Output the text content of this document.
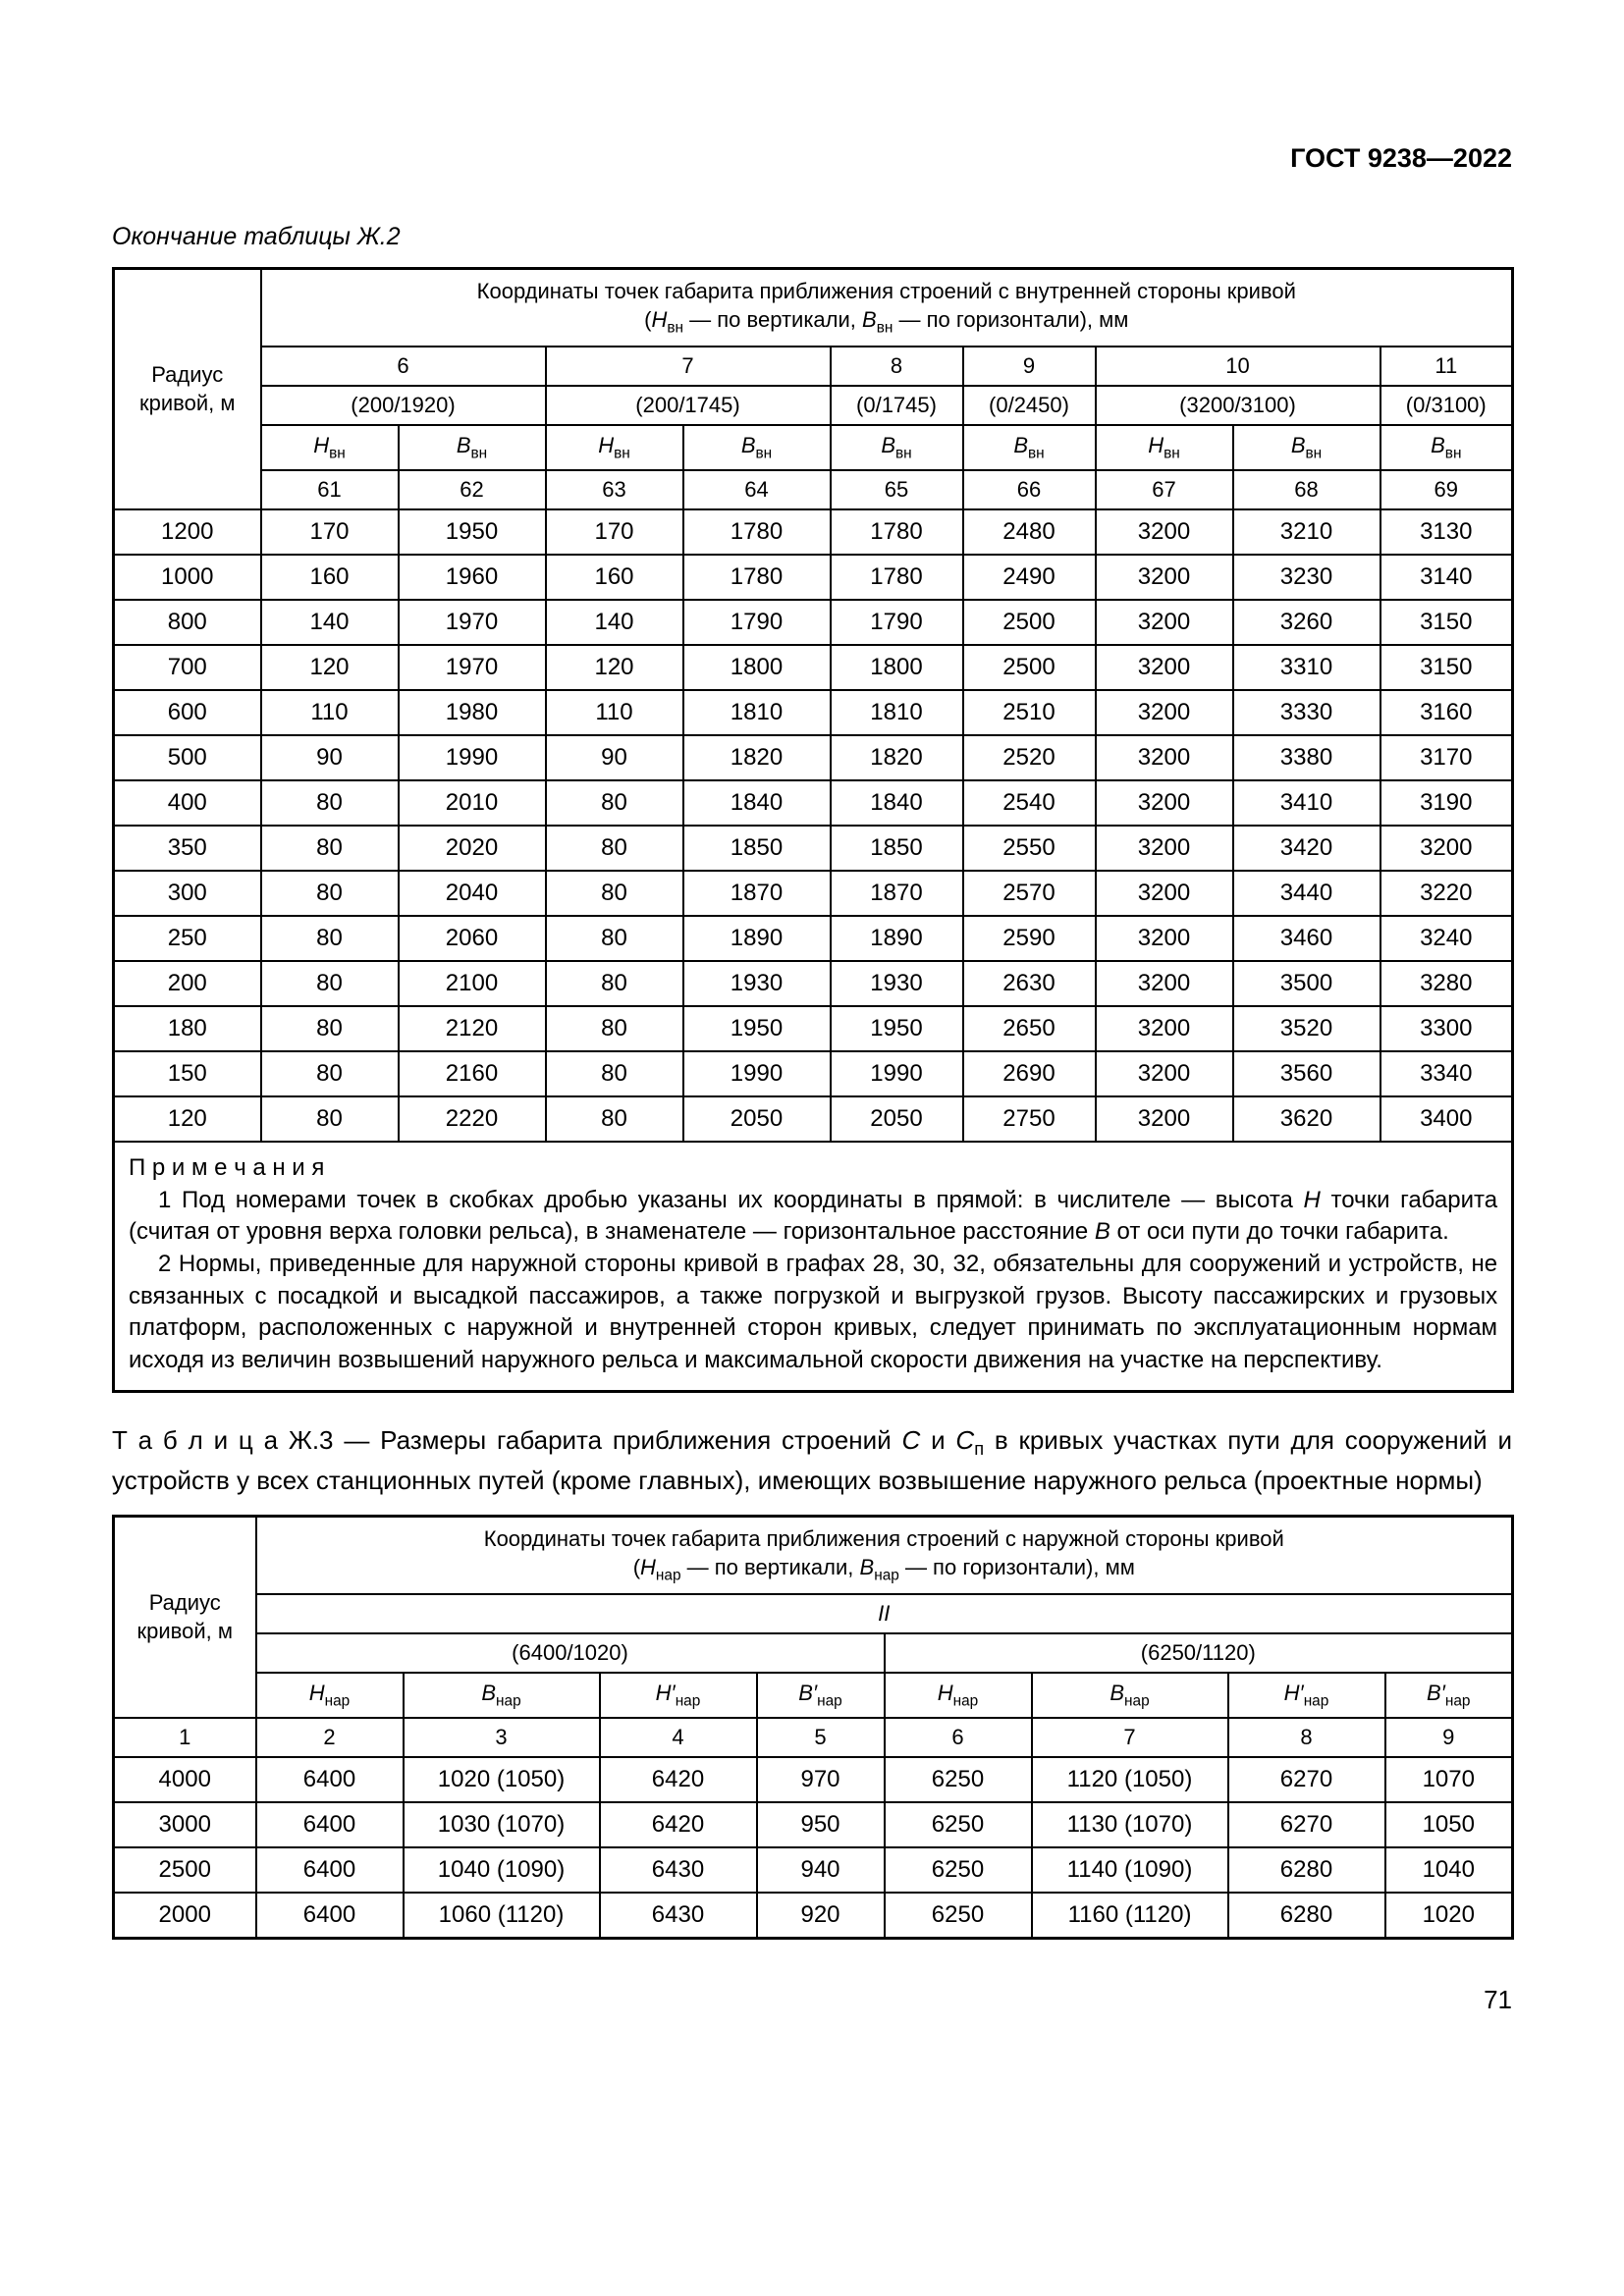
ГОСТ 9238—2022
Окончание таблицы Ж.2
Радиус кривой, м	Координаты точек габарита приближения строений с внутренней стороны кривой
($Н_{вн}$ — по вертикали, $В_{вн}$ — по горизонтали), мм								

	6		7		8	9	10		11
	(200/1920)		(200/1745)		(0/1745)	(0/2450)	(3200/3100)		(0/3100)
	$Н_{вн}$	$В_{вн}$	$Н_{вн}$	$В_{вн}$	$В_{вн}$	$В_{вн}$	$Н_{вн}$	$В_{вн}$	$В_{вн}$
	61	62	63	64	65	66	67	68	69
1200	170	1950	170	1780	1780	2480	3200	3210	3130
1000	160	1960	160	1780	1780	2490	3200	3230	3140
800	140	1970	140	1790	1790	2500	3200	3260	3150
700	120	1970	120	1800	1800	2500	3200	3310	3150
600	110	1980	110	1810	1810	2510	3200	3330	3160
500	90	1990	90	1820	1820	2520	3200	3380	3170
400	80	2010	80	1840	1840	2540	3200	3410	3190
350	80	2020	80	1850	1850	2550	3200	3420	3200
300	80	2040	80	1870	1870	2570	3200	3440	3220
250	80	2060	80	1890	1890	2590	3200	3460	3240
200	80	2100	80	1930	1930	2630	3200	3500	3280
180	80	2120	80	1950	1950	2650	3200	3520	3300
150	80	2160	80	1990	1990	2690	3200	3560	3340
120	80	2220	80	2050	2050	2750	3200	3620	3400

П р и м е ч а н и я

1 Под номерами точек в скобках дробью указаны их координаты в прямой: в числителе — высота Н точки габарита (считая от уровня верха головки рельса), в знаменателе — горизонтальное расстояние В от оси пути до точки габарита.

2 Нормы, приведенные для наружной стороны кривой в графах 28, 30, 32, обязательны для сооружений и устройств, не связанных с посадкой и высадкой пассажиров, а также погрузкой и выгрузкой грузов. Высоту пассажирских и грузовых платформ, расположенных с наружной и внутренней сторон кривых, следует принимать по эксплуатационным нормам исходя из величин возвышений наружного рельса и максимальной скорости движения на участке на перспективу.									

Т а б л и ц а Ж.3 — Размеры габарита приближения строений С и $С_п$ в кривых участках пути для сооружений и устройств у всех станционных путей (кроме главных), имеющих возвышение наружного рельса (проектные нормы)
Радиус кривой, м	Координаты точек габарита приближения строений с наружной стороны кривой
($Н_{нар}$ — по вертикали, $В_{нар}$ — по горизонтали), мм							

	II							
	(6400/1020)				(6250/1120)			
	$Н_{нар}$	$В_{нар}$	$Н'_{нар}$	$В'_{нар}$	$Н_{нар}$	$В_{нар}$	$Н'_{нар}$	$В'_{нар}$
1	2	3	4	5	6	7	8	9
4000	6400	1020 (1050)	6420	970	6250	1120 (1050)	6270	1070
3000	6400	1030 (1070)	6420	950	6250	1130 (1070)	6270	1050
2500	6400	1040 (1090)	6430	940	6250	1140 (1090)	6280	1040
2000	6400	1060 (1120)	6430	920	6250	1160 (1120)	6280	1020
71
